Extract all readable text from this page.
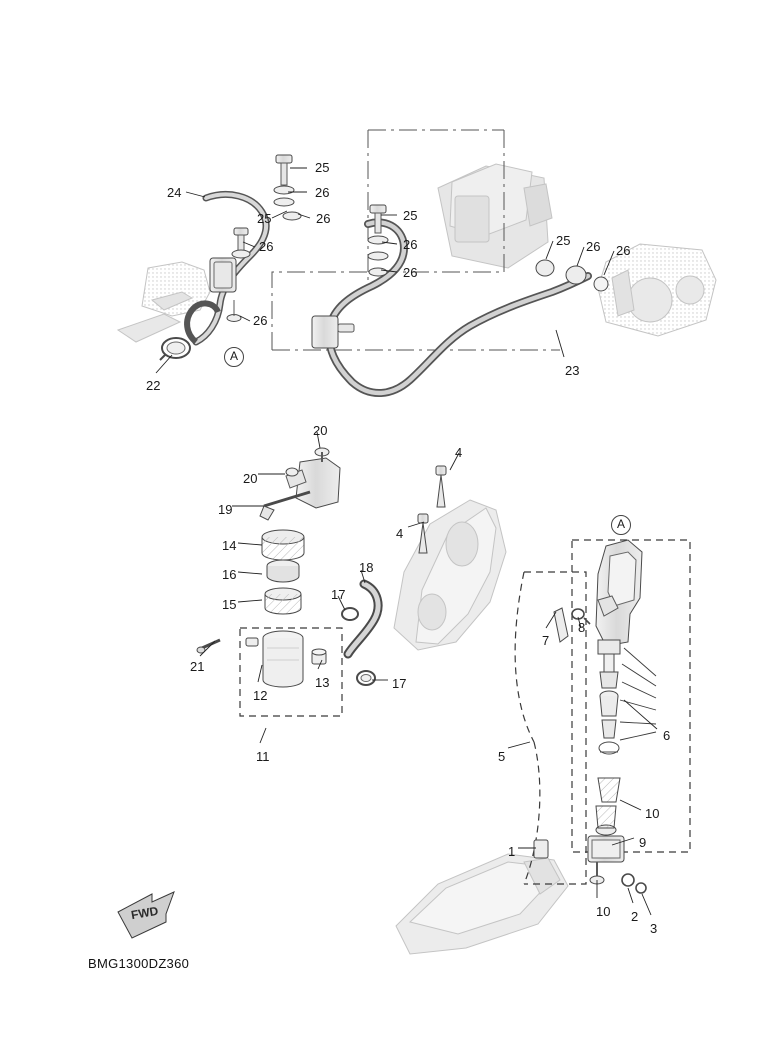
25
26
24
25	26	25
26	26	25 26 26
26
26
22
23
20
20
4
19
4
14
16	18
15
17
21
12
13	17
7
8
6
11	5
10
9
1
10 2
3
A
A
FWD
BMG1300DZ360
